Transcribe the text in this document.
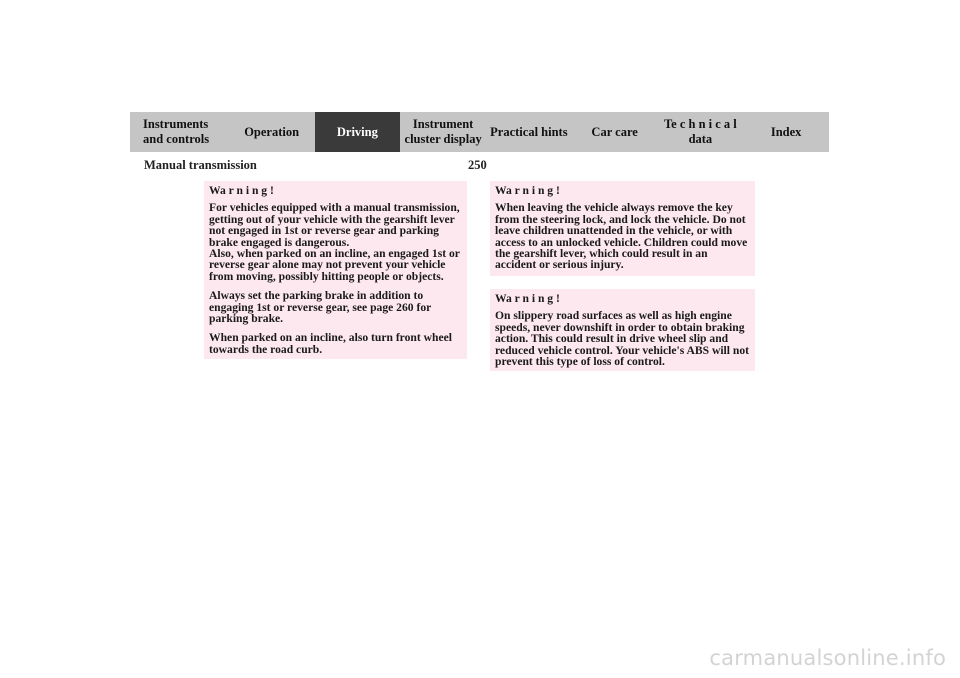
Instruments
and controls
Operation	Driving
Instrument
cluster display
Practical hints	Car care
Te c h n i c a l
data
Index
Manual transmission	250
Wa r n i n g !

For vehicles equipped with a manual transmission,
getting out of your vehicle with the gearshift lever
not engaged in 1st or reverse gear and parking
brake engaged is dangerous.
Also, when parked on an incline, an engaged 1st or
reverse gear alone may not prevent your vehicle
from moving, possibly hitting people or objects.

Always set the parking brake in addition to
engaging 1st or reverse gear, see page 260 for
parking brake.

When parked on an incline, also turn front wheel
towards the road curb.

Wa r n i n g !

When leaving the vehicle always remove the key
from the steering lock, and lock the vehicle. Do not
leave children unattended in the vehicle, or with
access to an unlocked vehicle. Children could move
the gearshift lever, which could result in an
accident or serious injury.

Wa r n i n g !

On slippery road surfaces as well as high engine
speeds, never downshift in order to obtain braking
action. This could result in drive wheel slip and
reduced vehicle control. Your vehicle's ABS will not
prevent this type of loss of control.

carmanualsonline.info
